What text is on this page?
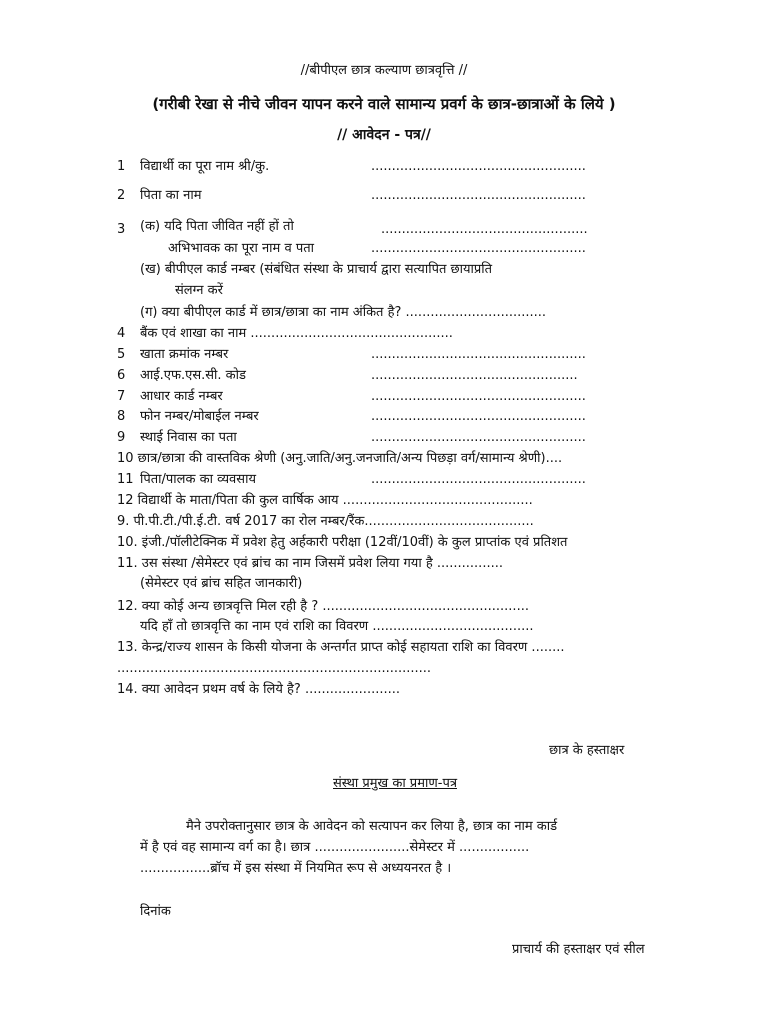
//बीपीएल छात्र कल्याण छात्रवृत्ति //
(गरीबी रेखा से नीचे जीवन यापन करने वाले सामान्य प्रवर्ग के छात्र-छात्राओं के लिये )
// आवेदन - पत्र//
1 विद्यार्थी का पूरा नाम श्री/कु.	....................................................
2 पिता का नाम	....................................................
3 (क) यदि पिता जीवित नहीं हों तो	..................................................
अभिभावक का पूरा नाम व पता	....................................................
(ख) बीपीएल कार्ड नम्बर (संबंधित संस्था के प्राचार्य द्वारा सत्यापित छायाप्रति
संलग्न करें
(ग) क्या बीपीएल कार्ड में छात्र/छात्रा का नाम अंकित है? ..................................
4 बैंक एवं शाखा का नाम .................................................
5 खाता क्रमांक नम्बर	....................................................
6 आई.एफ.एस.सी. कोड	..................................................
7 आधार कार्ड नम्बर	....................................................
8 फोन नम्बर/मोबाईल नम्बर	....................................................
9 स्थाई निवास का पता	....................................................
10 छात्र/छात्रा की वास्तविक श्रेणी (अनु.जाति/अनु.जनजाति/अन्य पिछड़ा वर्ग/सामान्य श्रेणी)....
11 पिता/पालक का व्यवसाय	....................................................
12 विद्यार्थी के माता/पिता की कुल वार्षिक आय ..............................................
9. पी.पी.टी./पी.ई.टी. वर्ष 2017 का रोल नम्बर/रैंक.........................................
10. इंजी./पॉलीटेक्निक में प्रवेश हेतु अर्हकारी परीक्षा (12वीं/10वीं) के कुल प्राप्तांक एवं प्रतिशत
11. उस संस्था /सेमेस्टर एवं ब्रांच का नाम जिसमें प्रवेश लिया गया है ................
(सेमेस्टर एवं ब्रांच सहित जानकारी)
12. क्या कोई अन्य छात्रवृत्ति मिल रही है ? ..................................................
यदि हाँ तो छात्रवृत्ति का नाम एवं राशि का विवरण .......................................
13. केन्द्र/राज्य शासन के किसी योजना के अन्तर्गत प्राप्त कोई सहायता राशि का विवरण ........
............................................................................
14. क्या आवेदन प्रथम वर्ष के लिये है? .......................
छात्र के हस्ताक्षर
संस्था प्रमुख का प्रमाण-पत्र
मैने उपरोक्तानुसार छात्र के आवेदन को सत्यापन कर लिया है, छात्र का नाम कार्ड
में है एवं वह सामान्य वर्ग का है। छात्र .......................सेमेस्टर में .................
.................ब्रॉच में इस संस्था में नियमित रूप से अध्ययनरत है ।
दिनांक
प्राचार्य की हस्ताक्षर एवं सील
